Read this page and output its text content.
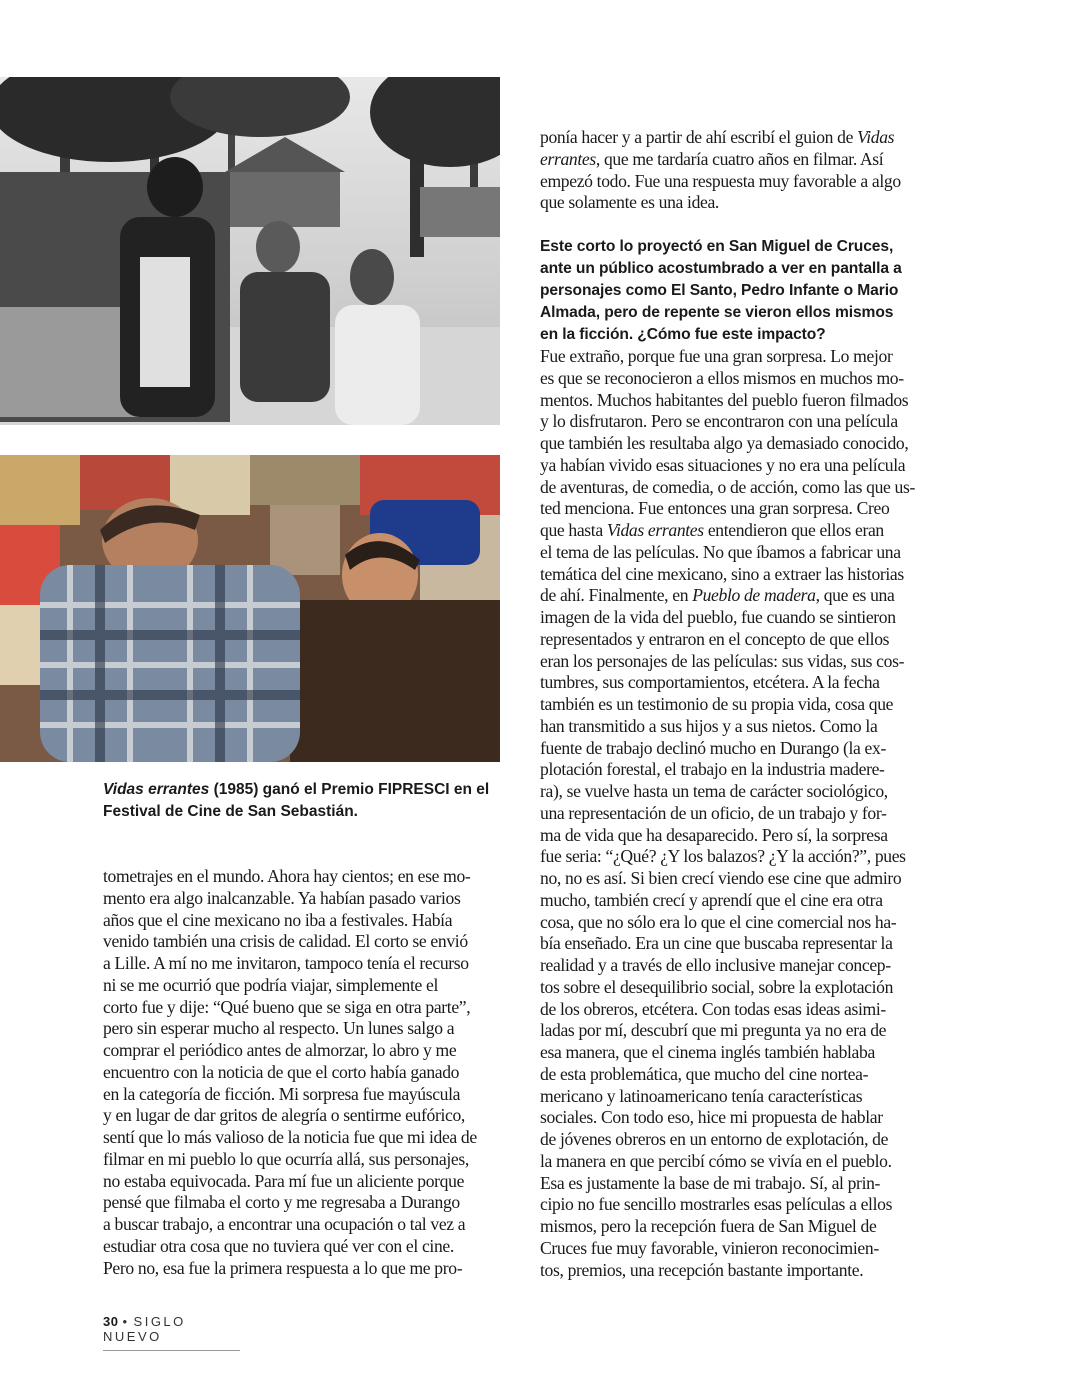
Vidas errantes (1985) ganó el Premio FIPRESCI en el Festival de Cine de San Sebastián.

tometrajes en el mundo. Ahora hay cientos; en ese mo-
mento era algo inalcanzable. Ya habían pasado varios
años que el cine mexicano no iba a festivales. Había
venido también una crisis de calidad. El corto se envió
a Lille. A mí no me invitaron, tampoco tenía el recurso
ni se me ocurrió que podría viajar, simplemente el
corto fue y dije: “Qué bueno que se siga en otra parte”,
pero sin esperar mucho al respecto. Un lunes salgo a
comprar el periódico antes de almorzar, lo abro y me
encuentro con la noticia de que el corto había ganado
en la categoría de ficción. Mi sorpresa fue mayúscula
y en lugar de dar gritos de alegría o sentirme eufórico,
sentí que lo más valioso de la noticia fue que mi idea de
filmar en mi pueblo lo que ocurría allá, sus personajes,
no estaba equivocada. Para mí fue un aliciente porque
pensé que filmaba el corto y me regresaba a Durango
a buscar trabajo, a encontrar una ocupación o tal vez a
estudiar otra cosa que no tuviera qué ver con el cine.
Pero no, esa fue la primera respuesta a lo que me pro-

ponía hacer y a partir de ahí escribí el guion de Vidas
errantes, que me tardaría cuatro años en filmar. Así
empezó todo. Fue una respuesta muy favorable a algo
que solamente es una idea.

Este corto lo proyectó en San Miguel de Cruces,
ante un público acostumbrado a ver en pantalla a
personajes como El Santo, Pedro Infante o Mario
Almada, pero de repente se vieron ellos mismos
en la ficción. ¿Cómo fue este impacto?

Fue extraño, porque fue una gran sorpresa. Lo mejor
es que se reconocieron a ellos mismos en muchos mo-
mentos. Muchos habitantes del pueblo fueron filmados
y lo disfrutaron. Pero se encontraron con una película
que también les resultaba algo ya demasiado conocido,
ya habían vivido esas situaciones y no era una película
de aventuras, de comedia, o de acción, como las que us-
ted menciona. Fue entonces una gran sorpresa. Creo
que hasta Vidas errantes entendieron que ellos eran
el tema de las películas. No que íbamos a fabricar una
temática del cine mexicano, sino a extraer las historias
de ahí. Finalmente, en Pueblo de madera, que es una
imagen de la vida del pueblo, fue cuando se sintieron
representados y entraron en el concepto de que ellos
eran los personajes de las películas: sus vidas, sus cos-
tumbres, sus comportamientos, etcétera. A la fecha
también es un testimonio de su propia vida, cosa que
han transmitido a sus hijos y a sus nietos. Como la
fuente de trabajo declinó mucho en Durango (la ex-
plotación forestal, el trabajo en la industria madere-
ra), se vuelve hasta un tema de carácter sociológico,
una representación de un oficio, de un trabajo y for-
ma de vida que ha desaparecido. Pero sí, la sorpresa
fue seria: “¿Qué? ¿Y los balazos? ¿Y la acción?”, pues
no, no es así. Si bien crecí viendo ese cine que admiro
mucho, también crecí y aprendí que el cine era otra
cosa, que no sólo era lo que el cine comercial nos ha-
bía enseñado. Era un cine que buscaba representar la
realidad y a través de ello inclusive manejar concep-
tos sobre el desequilibrio social, sobre la explotación
de los obreros, etcétera. Con todas esas ideas asimi-
ladas por mí, descubrí que mi pregunta ya no era de
esa manera, que el cinema inglés también hablaba
de esta problemática, que mucho del cine nortea-
mericano y latinoamericano tenía características
sociales. Con todo eso, hice mi propuesta de hablar
de jóvenes obreros en un entorno de explotación, de
la manera en que percibí cómo se vivía en el pueblo.
Esa es justamente la base de mi trabajo. Sí, al prin-
cipio no fue sencillo mostrarles esas películas a ellos
mismos, pero la recepción fuera de San Miguel de
Cruces fue muy favorable, vinieron reconocimien-
tos, premios, una recepción bastante importante.

30 • SIGLO NUEVO
